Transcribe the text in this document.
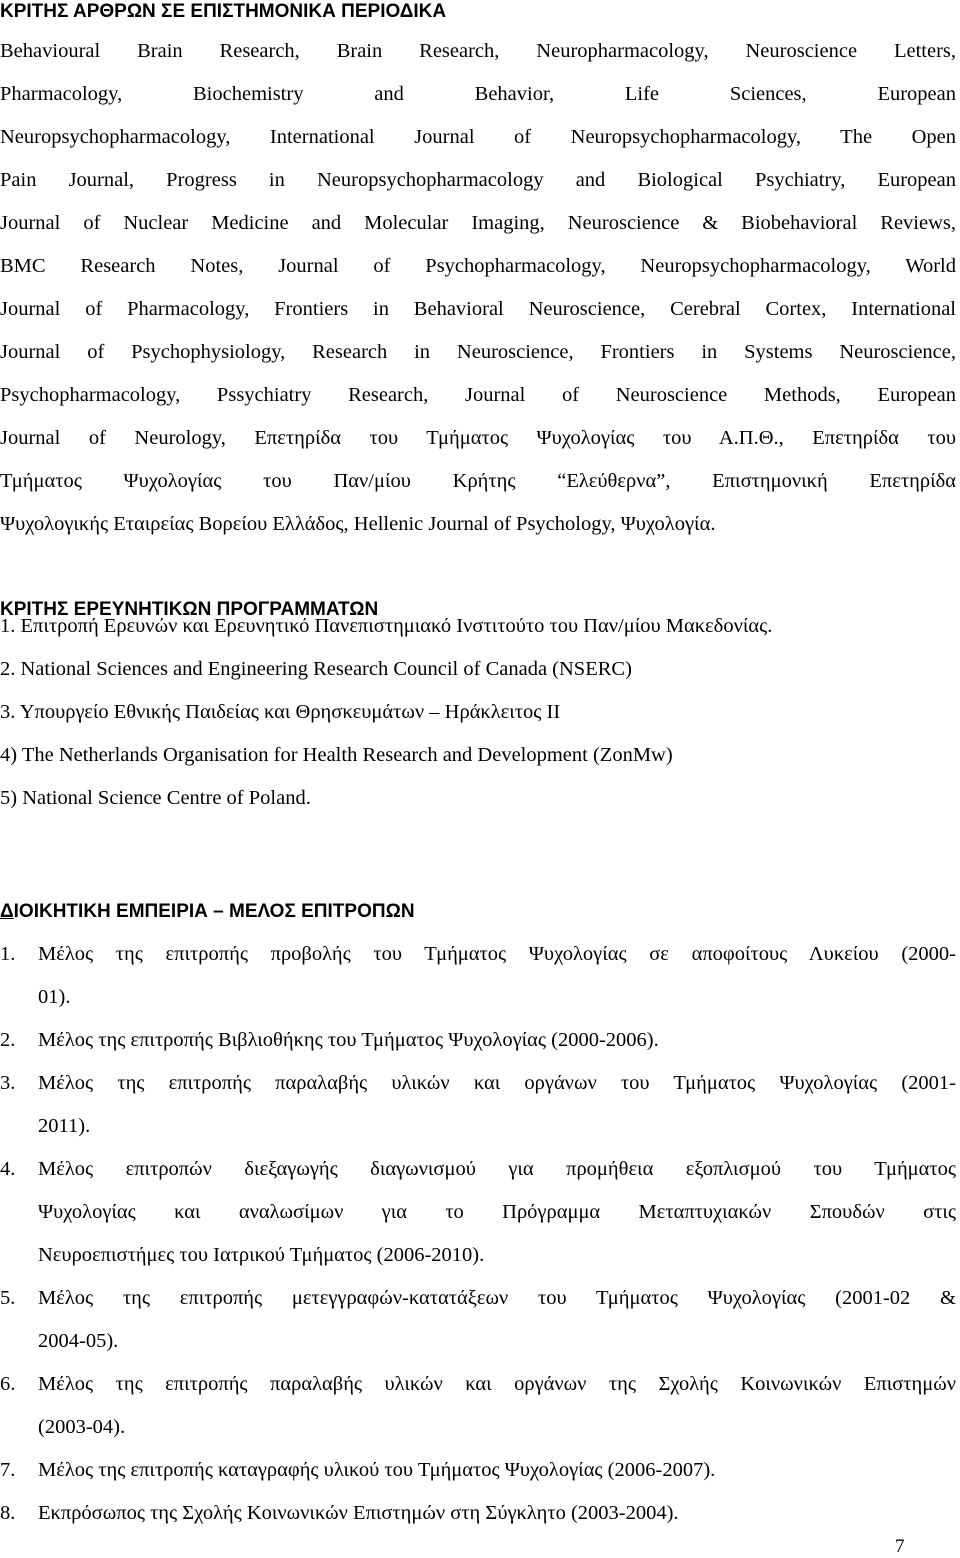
ΚΡΙΤΗΣ ΑΡΘΡΩΝ ΣΕ ΕΠΙΣΤΗΜΟΝΙΚΑ ΠΕΡΙΟΔΙΚΑ
Behavioural Brain Research, Brain Research, Neuropharmacology, Neuroscience Letters,
Pharmacology, Biochemistry and Behavior, Life Sciences, European
Neuropsychopharmacology, International Journal of Neuropsychopharmacology, The Open
Pain Journal, Progress in Neuropsychopharmacology and Biological Psychiatry, European
Journal of Nuclear Medicine and Molecular Imaging, Neuroscience & Biobehavioral Reviews,
BMC Research Notes, Journal of Psychopharmacology, Neuropsychopharmacology, World
Journal of Pharmacology, Frontiers in Behavioral Neuroscience, Cerebral Cortex, International
Journal of Psychophysiology, Research in Neuroscience, Frontiers in Systems Neuroscience,
Psychopharmacology, Pssychiatry Research, Journal of Neuroscience Methods, European
Journal of Neurology, Επετηρίδα του Τμήματος Ψυχολογίας του Α.Π.Θ., Επετηρίδα του
Τμήματος Ψυχολογίας του Παν/μίου Κρήτης “Ελεύθερνα”, Επιστημονική Επετηρίδα
Ψυχολογικής Εταιρείας Βορείου Ελλάδος, Hellenic Journal of Psychology, Ψυχολογία.
ΚΡΙΤΗΣ ΕΡΕΥΝΗΤΙΚΩΝ ΠΡΟΓΡΑΜΜΑΤΩΝ
1. Επιτροπή Ερευνών και Ερευνητικό Πανεπιστημιακό Ινστιτούτο του Παν/μίου Μακεδονίας.
2. National Sciences and Engineering Research Council of Canada (NSERC)
3. Υπουργείο Εθνικής Παιδείας και Θρησκευμάτων – Ηράκλειτος ΙΙ
4) The Netherlands Organisation for Health Research and Development (ZonMw)
5) National Science Centre of Poland.
ΔΙΟΙΚΗΤΙΚΗ ΕΜΠΕΙΡΙΑ – ΜΕΛΟΣ ΕΠΙΤΡΟΠΩΝ
1.	Μέλος της επιτροπής προβολής του Τμήματος Ψυχολογίας σε αποφοίτους Λυκείου (2000-
01).
2.	Μέλος της επιτροπής Βιβλιοθήκης του Τμήματος Ψυχολογίας (2000-2006).
3.	Μέλος της επιτροπής παραλαβής υλικών και οργάνων του Τμήματος Ψυχολογίας (2001-
2011).
4.	Μέλος επιτροπών διεξαγωγής διαγωνισμού για προμήθεια εξοπλισμού του Τμήματος
Ψυχολογίας και αναλωσίμων για το Πρόγραμμα Μεταπτυχιακών Σπουδών στις
Νευροεπιστήμες του Ιατρικού Τμήματος (2006-2010).
5.	Μέλος της επιτροπής μετεγγραφών-κατατάξεων του Τμήματος Ψυχολογίας (2001-02 &
2004-05).
6.	Μέλος της επιτροπής παραλαβής υλικών και οργάνων της Σχολής Κοινωνικών Επιστημών
(2003-04).
7.	Μέλος της επιτροπής καταγραφής υλικού του Τμήματος Ψυχολογίας (2006-2007).
8.	Εκπρόσωπος της Σχολής Κοινωνικών Επιστημών στη Σύγκλητο (2003-2004).
7
